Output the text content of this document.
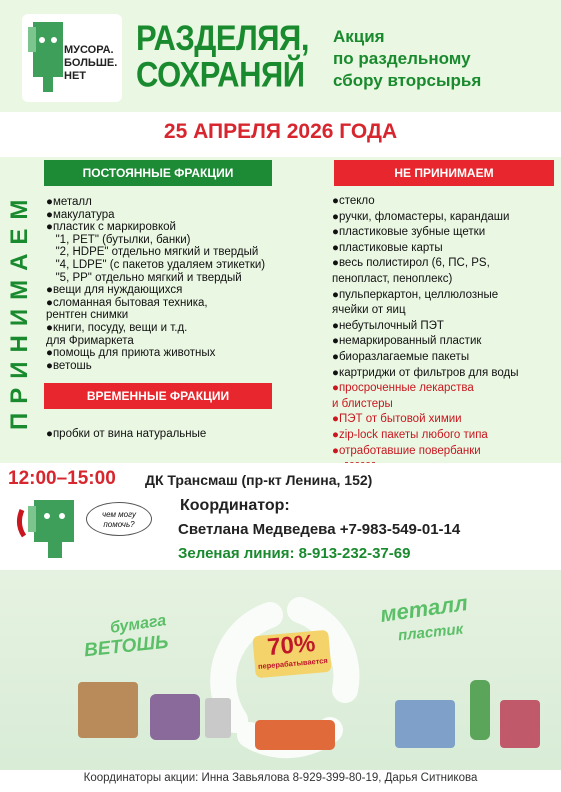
МУСОРА.
БОЛЬШЕ.
НЕТ
РАЗДЕЛЯЯ,
СОХРАНЯЙ
Акция
по раздельному
сбору вторсырья
25 АПРЕЛЯ 2026 ГОДА
ПРИНИМАЕМ
ПОСТОЯННЫЕ ФРАКЦИИ
●металл
●макулатура
●пластик с маркировкой
"1, PET" (бутылки, банки)
"2, HDPE" отдельно мягкий и твердый
"4, LDPE" (с пакетов удаляем этикетки)
"5, PP" отдельно мягкий и твердый
●вещи для нуждающихся
●сломанная бытовая техника,
рентген снимки
●книги, посуду, вещи и т.д.
для Фримаркета
●помощь для приюта животных
●ветошь
ВРЕМЕННЫЕ ФРАКЦИИ
●пробки от вина натуральные
НЕ ПРИНИМАЕМ
●стекло
●ручки, фломастеры, карандаши
●пластиковые зубные щетки
●пластиковые карты
●весь полистирол (6, ПС, PS,
пенопласт, пеноплекс)
●пульперкартон, целлюлозные
ячейки от яиц
●небутылочный ПЭТ
●немаркированный пластик
●биоразлагаемые пакеты
●картриджи от фильтров для воды
●просроченные лекарства
и блистеры
●ПЭТ от бытовой химии
●zip-lock пакеты любого типа
●отработавшие повербанки
12:00–15:00 ДК Трансмаш (пр-кт Ленина, 152)
чем могу помочь?
Координатор:
Светлана Медведева +7-983-549-01-14
Зеленая линия: 8-913-232-37-69
бумага
ВЕТОШЬ
металл
пластик
70%
перерабатывается
Координаторы акции: Инна Завьялова 8-929-399-80-19, Дарья Ситникова
